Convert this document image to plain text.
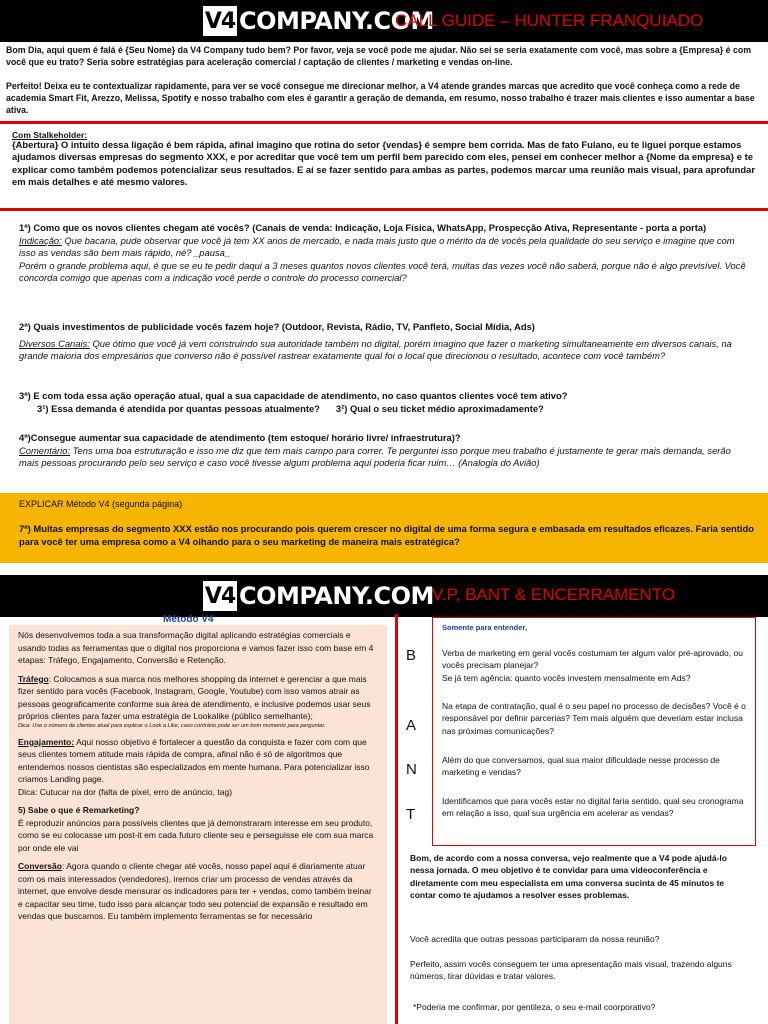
V4 COMPANY.COM
CALL GUIDE – HUNTER FRANQUIADO
Bom Dia, aqui quem é falá é {Seu Nome} da V4 Company tudo bem? Por favor, veja se você pode me ajudar. Não sei se seria exatamente com você, mas sobre a {Empresa} é com você que eu trato? Seria sobre estratégias para aceleração comercial / captação de clientes / marketing e vendas on-line.
Perfeito! Deixa eu te contextualizar rapidamente, para ver se você consegue me direcionar melhor, a V4 atende grandes marcas que acredito que você conheça como a rede de academia Smart Fit, Arezzo, Melissa, Spotify e nosso trabalho com eles é garantir a geração de demanda, em resumo, nosso trabalho é trazer mais clientes e isso aumentar a base ativa.
Com Stalkeholder:
{Abertura} O intuito dessa ligação é bem rápida, afinal imagino que rotina do setor {vendas} é sempre bem corrida. Mas de fato Fulano, eu te liguei porque estamos ajudamos diversas empresas do segmento XXX, e por acreditar que você tem um perfil bem parecido com eles, pensei em conhecer melhor a {Nome da empresa} e te explicar como também podemos potencializar seus resultados. E aí se fazer sentido para ambas as partes, podemos marcar uma reunião mais visual, para aprofundar em mais detalhes e até mesmo valores.
1ª) Como que os novos clientes chegam até vocês? (Canais de venda: Indicação, Loja Física, WhatsApp, Prospecção Ativa, Representante - porta a porta)
Indicação: Que bacana, pude observar que você já tem XX anos de mercado, e nada mais justo que o mérito da de vocês pela qualidade do seu serviço e imagine que com isso as vendas são bem mais rápido, né? _pausa_
Porém o grande problema aqui, é que se eu te pedir daqui a 3 meses quantos novos clientes você terá, muitas das vezes você não saberá, porque não é algo previsível. Você concorda comigo que apenas com a indicação você perde o controle do processo comercial?
2ª) Quais investimentos de publicidade vocês fazem hoje? (Outdoor, Revista, Rádio, TV, Panfleto, Social Mídia, Ads)
Diversos Canais: Que ótimo que você já vem construindo sua autoridade também no digital, porém imagino que fazer o marketing simultaneamente em diversos canais, na grande maioria dos empresários que converso não é possível rastrear exatamente qual foi o local que direcionou o resultado, acontece com você também?
3ª) E com toda essa ação operação atual, qual a sua capacidade de atendimento, no caso quantos clientes você tem ativo?
3¹) Essa demanda é atendida por quantas pessoas atualmente? 3²) Qual o seu ticket médio aproximadamente?
4ª)Consegue aumentar sua capacidade de atendimento (tem estoque/ horário livre/ infraestrutura)?
Comentário: Tens uma boa estruturação e isso me diz que tem mais campo para correr. Te perguntei isso porque meu trabalho é justamente te gerar mais demanda, serão mais pessoas procurando pelo seu serviço e caso você tivesse algum problema aqui poderia ficar ruim… (Analogia do Avião)
EXPLICAR Método V4 (segunda página)
7ª) Muitas empresas do segmento XXX estão nos procurando pois querem crescer no digital de uma forma segura e embasada em resultados eficazes. Faria sentido para você ter uma empresa como a V4 olhando para o seu marketing de maneira mais estratégica?
V4 COMPANY.COM
V.P, BANT & ENCERRAMENTO
Método V4

Nós desenvolvemos toda a sua transformação digital aplicando estratégias comerciais e usando todas as ferramentas que o digital nos proporciona e vamos fazer isso com base em 4 etapas: Tráfego, Engajamento, Conversão e Retenção.

Tráfego: Colocamos a sua marca nos melhores shopping da internet e gerenciar a que mais fizer sentido para vocês (Facebook, Instagram, Google, Youtube) com isso vamos atrair as pessoas geograficamente conforme sua área de atendimento, e inclusive podemos usar seus próprios clientes para fazer uma estratégia de Lookalike (público semelhante);

Dica: Use o número de clientes atual para explicar o Look a Like, caso contrário pode ser um bom momento para perguntar.

Engajamento: Aqui nosso objetivo é fortalecer a questão da conquista e fazer com com que seus clientes tomem atitude mais rápida de compra, afinal não é só de algoritmos que entendemos nossos cientistas são especializados em mente humana. Para potencializar isso criamos Landing page.
Dica: Cutucar na dor (falta de pixel, erro de anúncio, tag)

5) Sabe o que é Remarketing?
É reproduzir anúncios para possíveis clientes que já demonstraram interesse em seu produto, como se eu colocasse um post-it em cada futuro cliente seu e perseguisse ele com sua marca por onde ele vai

Conversão: Agora quando o cliente chegar até vocês, nosso papel aqui é diariamente atuar com os mais interessados (vendedores), iremos criar um processo de vendas através da internet, que envolve desde mensurar os indicadores para ter + vendas, como também treinar e capacitar seu time, tudo isso para alcançar todo seu potencial de expansão e resultado em vendas que buscamos. Eu também implemento ferramentas se for necessário

B
A
N
T
Somente para entender,
Verba de marketing em geral vocês costumam ter algum valor pré-aprovado, ou vocês precisam planejar?
Se já tem agência: quanto vocês investem mensalmente em Ads?
Na etapa de contratação, qual é o seu papel no processo de decisões? Você é o responsável por definir parcerias? Tem mais alguém que deveriam estar inclusa nas próximas comunicações?
Além do que conversamos, qual sua maior dificuldade nesse processo de marketing e vendas?
Identificamos que para vocês estar no digital faria sentido, qual seu cronograma em relação a isso, qual sua urgência em acelerar as vendas?
Bom, de acordo com a nossa conversa, vejo realmente que a V4 pode ajudá-lo nessa jornada. O meu objetivo é te convidar para uma videoconferência e diretamente com meu especialista em uma conversa sucinta de 45 minutos te contar como te ajudamos a resolver esses problemas.
Você acredita que outras pessoas participaram da nossa reunião?
Perfeito, assim vocês conseguem ter uma apresentação mais visual, trazendo alguns números, tirar dúvidas e tratar valores.
*Poderia me confirmar, por gentileza, o seu e-mail coorporativo?
